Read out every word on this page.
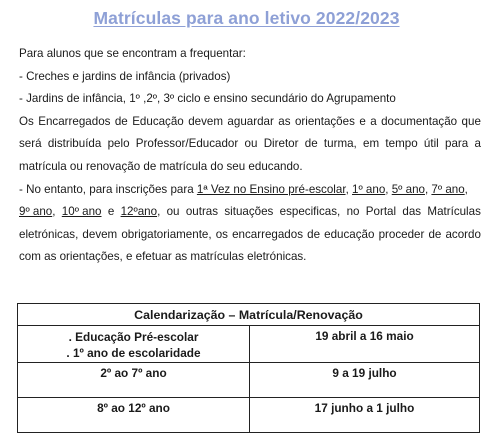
Matrículas para ano letivo 2022/2023
Para alunos que se encontram a frequentar:
- Creches e jardins de infância (privados)
- Jardins de infância, 1º ,2º, 3º ciclo e ensino secundário do Agrupamento
Os Encarregados de Educação devem aguardar as orientações e a documentação que
será distribuída pelo Professor/Educador ou Diretor de turma, em tempo útil para a
matrícula ou renovação de matrícula do seu educando.
- No entanto, para inscrições para 1ª Vez no Ensino pré-escolar, 1º ano, 5º ano, 7º ano,
9º ano, 10º ano e 12ºano, ou outras situações especificas, no Portal das Matrículas
eletrónicas, devem obrigatoriamente, os encarregados de educação proceder de acordo
com as orientações, e efetuar as matrículas eletrónicas.
Calendarização – Matrícula/Renovação	

. Educação Pré-escolar
. 1º ano de escolaridade	19 abril a 16 maio
2º ao 7º ano	9 a 19 julho
8º ao 12º ano	17 junho a 1 julho
